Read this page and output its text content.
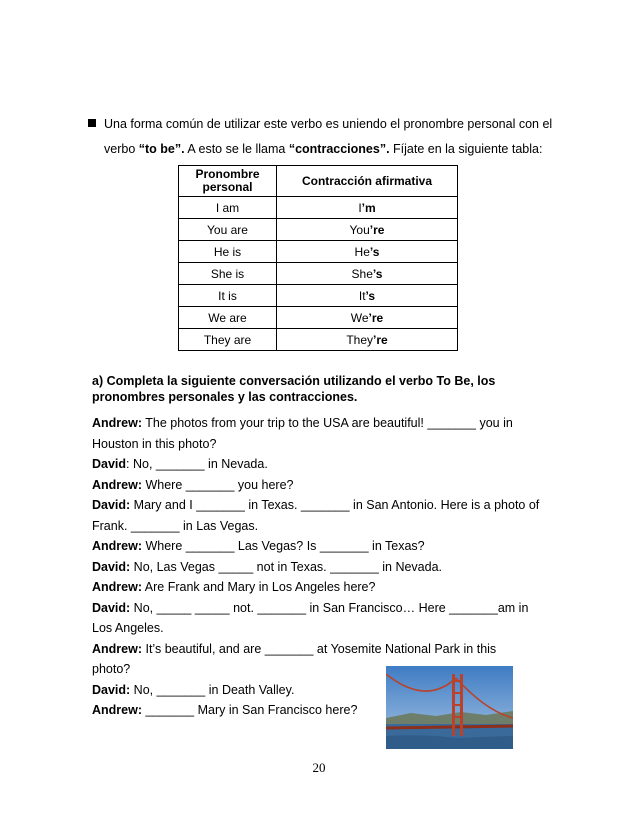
Una forma común de utilizar este verbo es uniendo el pronombre personal con el
verbo “to be”. A esto se le llama “contracciones”. Fíjate en la siguiente tabla:
Pronombre personal	Contracción afirmativa
I am	I’m
You are	You’re
He is	He’s
She is	She’s
It is	It’s
We are	We’re
They are	They’re
a) Completa la siguiente conversación utilizando el verbo To Be, los
pronombres personales y las contracciones.
Andrew: The photos from your trip to the USA are beautiful! _______ you in
Houston in this photo?
David: No, _______ in Nevada.
Andrew: Where _______ you here?
David: Mary and I _______ in Texas. _______ in San Antonio. Here is a photo of
Frank. _______ in Las Vegas.
Andrew: Where _______ Las Vegas? Is _______ in Texas?
David: No, Las Vegas _____ not in Texas. _______ in Nevada.
Andrew: Are Frank and Mary in Los Angeles here?
David: No, _____ _____ not. _______ in San Francisco… Here _______am in
Los Angeles.
Andrew: It’s beautiful, and are _______ at Yosemite National Park in this
photo?
David: No, _______ in Death Valley.
Andrew: _______ Mary in San Francisco here?
20
